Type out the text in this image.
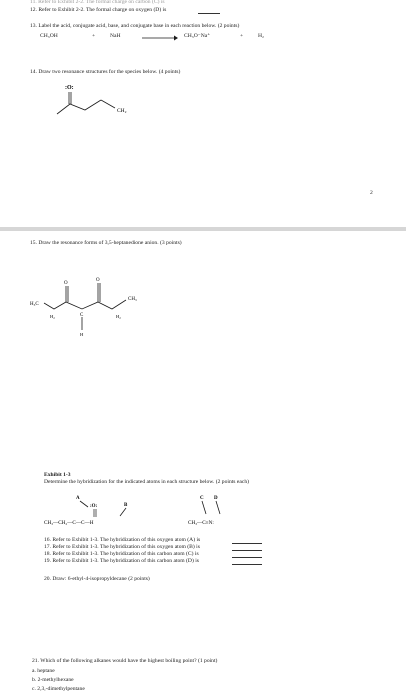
11. Refer to Exhibit 2-2. The formal charge on carbon (C) is
12. Refer to Exhibit 2-2. The formal charge on oxygen (D) is
13. Label the acid, conjugate acid, base, and conjugate base in each reaction below. (2 points)
CH₃OH	+	NaH → CH₃O⁻Na⁺	+	H₂
14. Draw two resonance structures for the species below. (4 points)
:O:
CH₂
2
15. Draw the resonance forms of 3,5-heptanedione anion. (3 points)
H₃C
O
O
CH₃
H₂	C
H
H₂
Exhibit 1-3
Determine the hybridization for the indicated atoms in each structure below. (2 points each)
A
:O:	B
CH₃—CH₂—C—C—H
C D
CH₃—C≡N:
16. Refer to Exhibit 1-3. The hybridization of this oxygen atom (A) is
17. Refer to Exhibit 1-3. The hybridization of this oxygen atom (B) is
18. Refer to Exhibit 1-3. The hybridization of this carbon atom (C) is
19. Refer to Exhibit 1-3. The hybridization of this carbon atom (D) is
20. Draw: 6-ethyl-4-isopropyldecane (2 points)
21. Which of the following alkanes would have the highest boiling point? (1 point)
a. heptane
b. 2-methylhexane
c. 2,3,-dimethylpentane
